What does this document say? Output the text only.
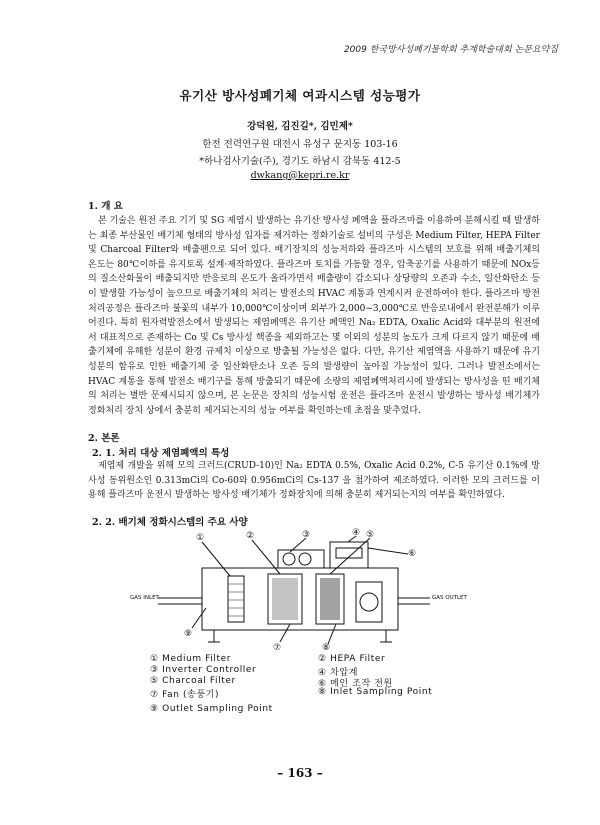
2009 한국방사성폐기물학회 추계학술대회 논문요약집
유기산 방사성폐기체 여과시스템 성능평가
강덕원, 김진길*, 김민제*
한전 전력연구원 대전시 유성구 문지동 103-16
*하나검사기술(주), 경기도 하남시 감북동 412-5
dwkang@kepri.re.kr
1. 개 요

본 기술은 원전 주요 기기 및 SG 제염시 발생하는 유기산 방사성 폐액을 플라즈마를 이용하여 분해시킬 때 발생하는 최종 부산물인 배기체 형태의 방사성 입자를 제거하는 정화기술로 설비의 구성은 Medium Filter, HEPA Filter 및 Charcoal Filter와 배출팬으로 되어 있다. 배기장치의 성능저하와 플라즈마 시스템의 보호를 위해 배출기체의 온도는 80℃이하를 유지토록 설계·제작하였다. 플라즈마 토치를 가동할 경우, 압축공기를 사용하기 때문에 NOx등의 질소산화물이 배출되지만 반응로의 온도가 올라가면서 배출량이 감소되나 상당량의 오존과 수소, 일산화탄소 등이 발생할 가능성이 높으므로 배출기체의 처리는 발전소의 HVAC 계통과 연계시켜 운전하여야 한다. 플라즈마 방전처리공정은 플라즈마 불꽃의 내부가 10,000℃이상이며 외부가 2,000~3,000℃로 반응로내에서 완전분해가 이루어진다. 특히 원자력발전소에서 발생되는 제염폐액은 유기산 폐액인 Na₂ EDTA, Oxalic Acid와 대부분의 원전에서 대표적으로 존재하는 Co 및 Cs 방사성 핵종을 제외하고는 몇 이외의 성분의 농도가 크게 다르지 않기 때문에 배출기체에 유해한 성분이 환경 규제치 이상으로 방출될 가능성은 없다. 다만, 유기산 제염액을 사용하기 때문에 유기성분의 함유로 인한 배출기체 중 일산화탄소나 오존 등의 발생량이 높아질 가능성이 있다. 그러나 발전소에서는 HVAC 계통을 통해 발전소 배기구를 통해 방출되기 때문에 소량의 제염폐액처리시에 발생되는 방사성을 띤 배기체의 처리는 별반 문제시되지 않으며, 본 논문은 장치의 성능시험 운전은 플라즈마 운전시 발생하는 방사성 배기체가 정화처리 장치 상에서 충분히 제거되는지의 성능 여부를 확인하는데 초점을 맞추었다.

2. 본론
2. 1. 처리 대상 제염폐액의 특성

제염제 개발을 위해 모의 크러드(CRUD-10)인 Na₂ EDTA 0.5%, Oxalic Acid 0.2%, C-5 유기산 0.1%에 방사성 동위원소인 0.313mCi의 Co-60와 0.956mCi의 Cs-137 을 첨가하여 제조하였다. 이러한 모의 크러드를 이용해 플라즈마 운전시 발생하는 방사성 배기체가 정화장치에 의해 충분히 제거되는지의 여부를 확인하였다.

2. 2. 배기체 정화시스템의 주요 사양
GAS INLET	GAS OUTLET
①	②	③	④ ⑤
⑥
⑦	⑧
⑨
① Medium Filter	② HEPA Filter
③ Inverter Controller	④ 차압계
⑤ Charcoal Filter	⑥ 메인 조작 전원
⑦ Fan (송풍기)	⑧ Inlet Sampling Point
⑨ Outlet Sampling Point
– 163 –
